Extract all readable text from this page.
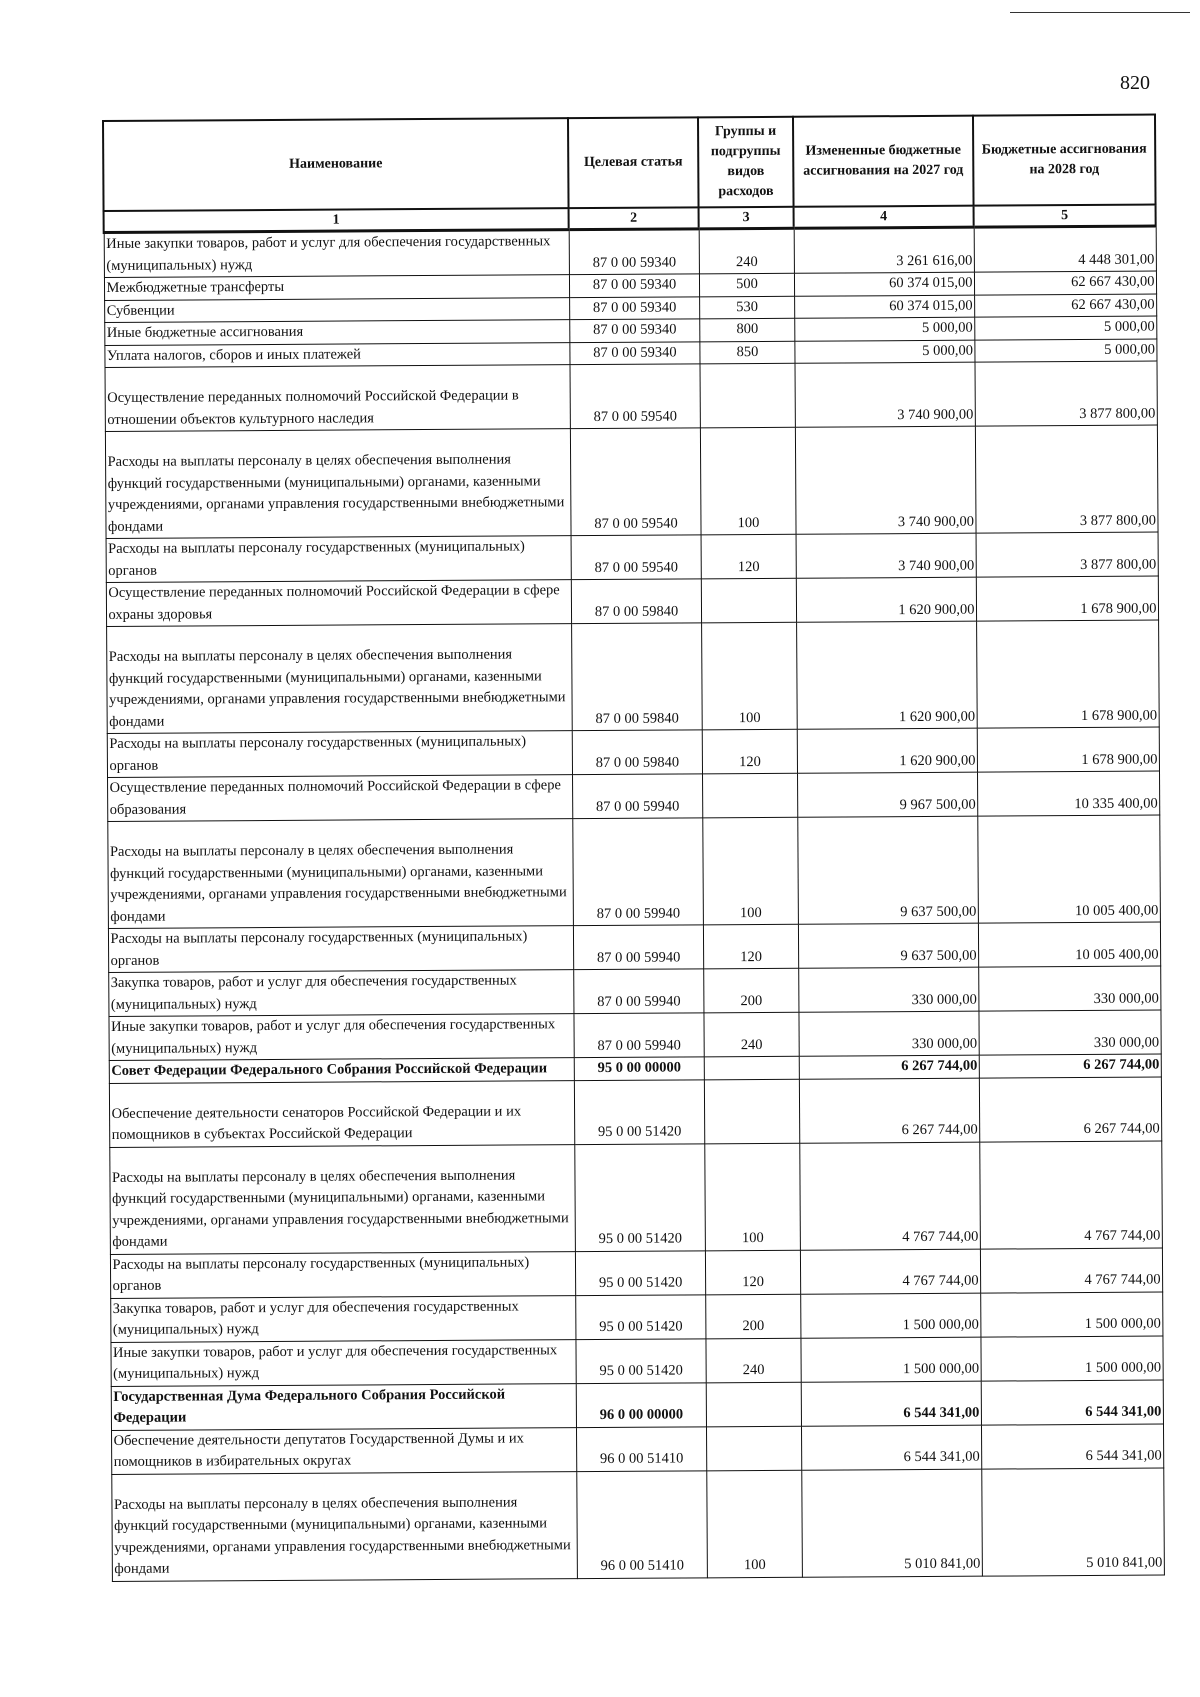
820
Наименование	Целевая статья	Группы и подгруппы видов расходов	Измененные бюджетные ассигнования на 2027 год	Бюджетные ассигнования на 2028 год
1	2	3	4	5
Иные закупки товаров, работ и услуг для обеспечения государственных (муниципальных) нужд	87 0 00 59340	240	3 261 616,00	4 448 301,00
Межбюджетные трансферты	87 0 00 59340	500	60 374 015,00	62 667 430,00
Субвенции	87 0 00 59340	530	60 374 015,00	62 667 430,00
Иные бюджетные ассигнования	87 0 00 59340	800	5 000,00	5 000,00
Уплата налогов, сборов и иных платежей	87 0 00 59340	850	5 000,00	5 000,00
Осуществление переданных полномочий Российской Федерации в отношении объектов культурного наследия	87 0 00 59540		3 740 900,00	3 877 800,00
Расходы на выплаты персоналу в целях обеспечения выполнения функций государственными (муниципальными) органами, казенными учреждениями, органами управления государственными внебюджетными фондами	87 0 00 59540	100	3 740 900,00	3 877 800,00
Расходы на выплаты персоналу государственных (муниципальных) органов	87 0 00 59540	120	3 740 900,00	3 877 800,00
Осуществление переданных полномочий Российской Федерации в сфере охраны здоровья	87 0 00 59840		1 620 900,00	1 678 900,00
Расходы на выплаты персоналу в целях обеспечения выполнения функций государственными (муниципальными) органами, казенными учреждениями, органами управления государственными внебюджетными фондами	87 0 00 59840	100	1 620 900,00	1 678 900,00
Расходы на выплаты персоналу государственных (муниципальных) органов	87 0 00 59840	120	1 620 900,00	1 678 900,00
Осуществление переданных полномочий Российской Федерации в сфере образования	87 0 00 59940		9 967 500,00	10 335 400,00
Расходы на выплаты персоналу в целях обеспечения выполнения функций государственными (муниципальными) органами, казенными учреждениями, органами управления государственными внебюджетными фондами	87 0 00 59940	100	9 637 500,00	10 005 400,00
Расходы на выплаты персоналу государственных (муниципальных) органов	87 0 00 59940	120	9 637 500,00	10 005 400,00
Закупка товаров, работ и услуг для обеспечения государственных (муниципальных) нужд	87 0 00 59940	200	330 000,00	330 000,00
Иные закупки товаров, работ и услуг для обеспечения государственных (муниципальных) нужд	87 0 00 59940	240	330 000,00	330 000,00
Совет Федерации Федерального Собрания Российской Федерации	95 0 00 00000		6 267 744,00	6 267 744,00
Обеспечение деятельности сенаторов Российской Федерации и их помощников в субъектах Российской Федерации	95 0 00 51420		6 267 744,00	6 267 744,00
Расходы на выплаты персоналу в целях обеспечения выполнения функций государственными (муниципальными) органами, казенными учреждениями, органами управления государственными внебюджетными фондами	95 0 00 51420	100	4 767 744,00	4 767 744,00
Расходы на выплаты персоналу государственных (муниципальных) органов	95 0 00 51420	120	4 767 744,00	4 767 744,00
Закупка товаров, работ и услуг для обеспечения государственных (муниципальных) нужд	95 0 00 51420	200	1 500 000,00	1 500 000,00
Иные закупки товаров, работ и услуг для обеспечения государственных (муниципальных) нужд	95 0 00 51420	240	1 500 000,00	1 500 000,00
Государственная Дума Федерального Собрания Российской Федерации	96 0 00 00000		6 544 341,00	6 544 341,00
Обеспечение деятельности депутатов Государственной Думы и их помощников в избирательных округах	96 0 00 51410		6 544 341,00	6 544 341,00
Расходы на выплаты персоналу в целях обеспечения выполнения функций государственными (муниципальными) органами, казенными учреждениями, органами управления государственными внебюджетными фондами	96 0 00 51410	100	5 010 841,00	5 010 841,00
